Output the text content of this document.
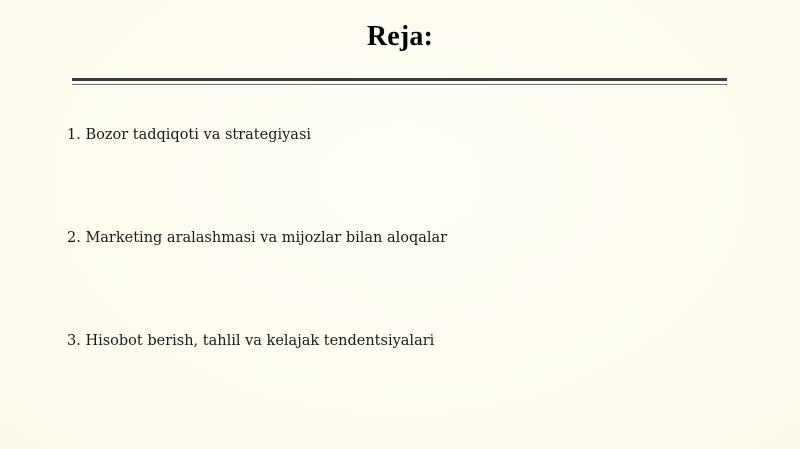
Reja:
1. Bozor tadqiqoti va strategiyasi
2. Marketing aralashmasi va mijozlar bilan aloqalar
3. Hisobot berish, tahlil va kelajak tendentsiyalari
